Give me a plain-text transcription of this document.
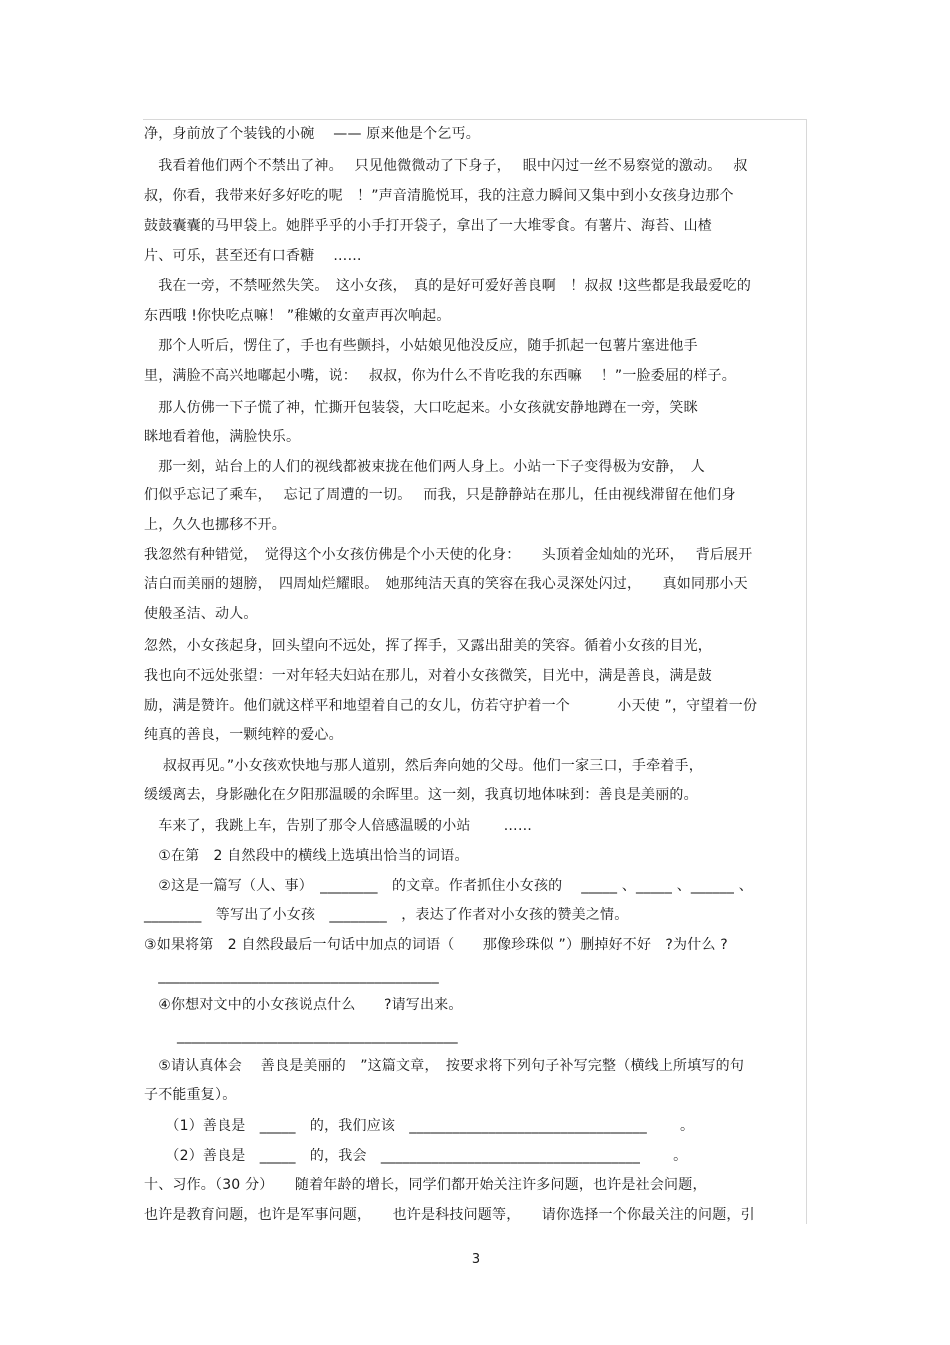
净，身前放了个装钱的小碗　 —— 原来他是个乞丐。
　我看着他们两个不禁出了神。　 只见他微微动了下身子，　 眼中闪过一丝不易察觉的激动。　 叔
叔，你看，我带来好多好吃的呢　！”声音清脆悦耳，我的注意力瞬间又集中到小女孩身边那个
鼓鼓囊囊的马甲袋上。她胖乎乎的小手打开袋子，拿出了一大堆零食。有薯片、海苔、山楂
片、可乐，甚至还有口香糖　 ……
　我在一旁，不禁哑然失笑。　这小女孩，　真的是好可爱好善良啊　！叔叔 !这些都是我最爱吃的
东西哦 !你快吃点嘛！ ”稚嫩的女童声再次响起。
　那个人听后，愣住了，手也有些颤抖，小姑娘见他没反应，随手抓起一包薯片塞进他手
里，满脸不高兴地嘟起小嘴，说：　 叔叔，你为什么不肯吃我的东西嘛　 ！”一脸委屈的样子。
　那人仿佛一下子慌了神，忙撕开包装袋，大口吃起来。小女孩就安静地蹲在一旁，笑眯
眯地看着他，满脸快乐。
　那一刻，站台上的人们的视线都被束拢在他们两人身上。小站一下子变得极为安静，　人
们似乎忘记了乘车，　 忘记了周遭的一切。　 而我，只是静静站在那儿，任由视线滞留在他们身
上，久久也挪移不开。
我忽然有种错觉，　觉得这个小女孩仿佛是个小天使的化身：　　头顶着金灿灿的光环，　 背后展开
洁白而美丽的翅膀，　四周灿烂耀眼。　她那纯洁天真的笑容在我心灵深处闪过，　　真如同那小天
使般圣洁、动人。
忽然，小女孩起身，回头望向不远处，挥了挥手，又露出甜美的笑容。循着小女孩的目光，
我也向不远处张望：一对年轻夫妇站在那儿，对着小女孩微笑，目光中，满是善良，满是鼓
励，满是赞许。他们就这样平和地望着自己的女儿，仿若守护着一个　　　 小天使 ”，守望着一份
纯真的善良，一颗纯粹的爱心。
　 叔叔再见。”小女孩欢快地与那人道别，然后奔向她的父母。他们一家三口，手牵着手，
缓缓离去，身影融化在夕阳那温暖的余晖里。这一刻，我真切地体味到：善良是美丽的。
　车来了，我跳上车，告别了那令人倍感温暖的小站　　 ……
　①在第　2 自然段中的横线上选填出恰当的词语。
　②这是一篇写（人、事）　________　的文章。作者抓住小女孩的　 _____ 、_____ 、______ 、
________　等写出了小女孩　________　，表达了作者对小女孩的赞美之情。
③如果将第　2 自然段最后一句话中加点的词语（　　那像珍珠似 ”）删掉好不好　?为什么 ?
　_______________________________________
　④你想对文中的小女孩说点什么　　?请写出来。
　　 _______________________________________
　⑤请认真体会　 善良是美丽的　”这篇文章，　按要求将下列句子补写完整（横线上所填写的句
子不能重复）。
　　（1）善良是　_____　的，我们应该　_________________________________　　 。
　　（2）善良是　_____　的，我会　____________________________________　　 。
十、习作。（30 分）　　随着年龄的增长，同学们都开始关注许多问题，也许是社会问题，
也许是教育问题，也许是军事问题，　　也许是科技问题等，　　请你选择一个你最关注的问题，引
3
